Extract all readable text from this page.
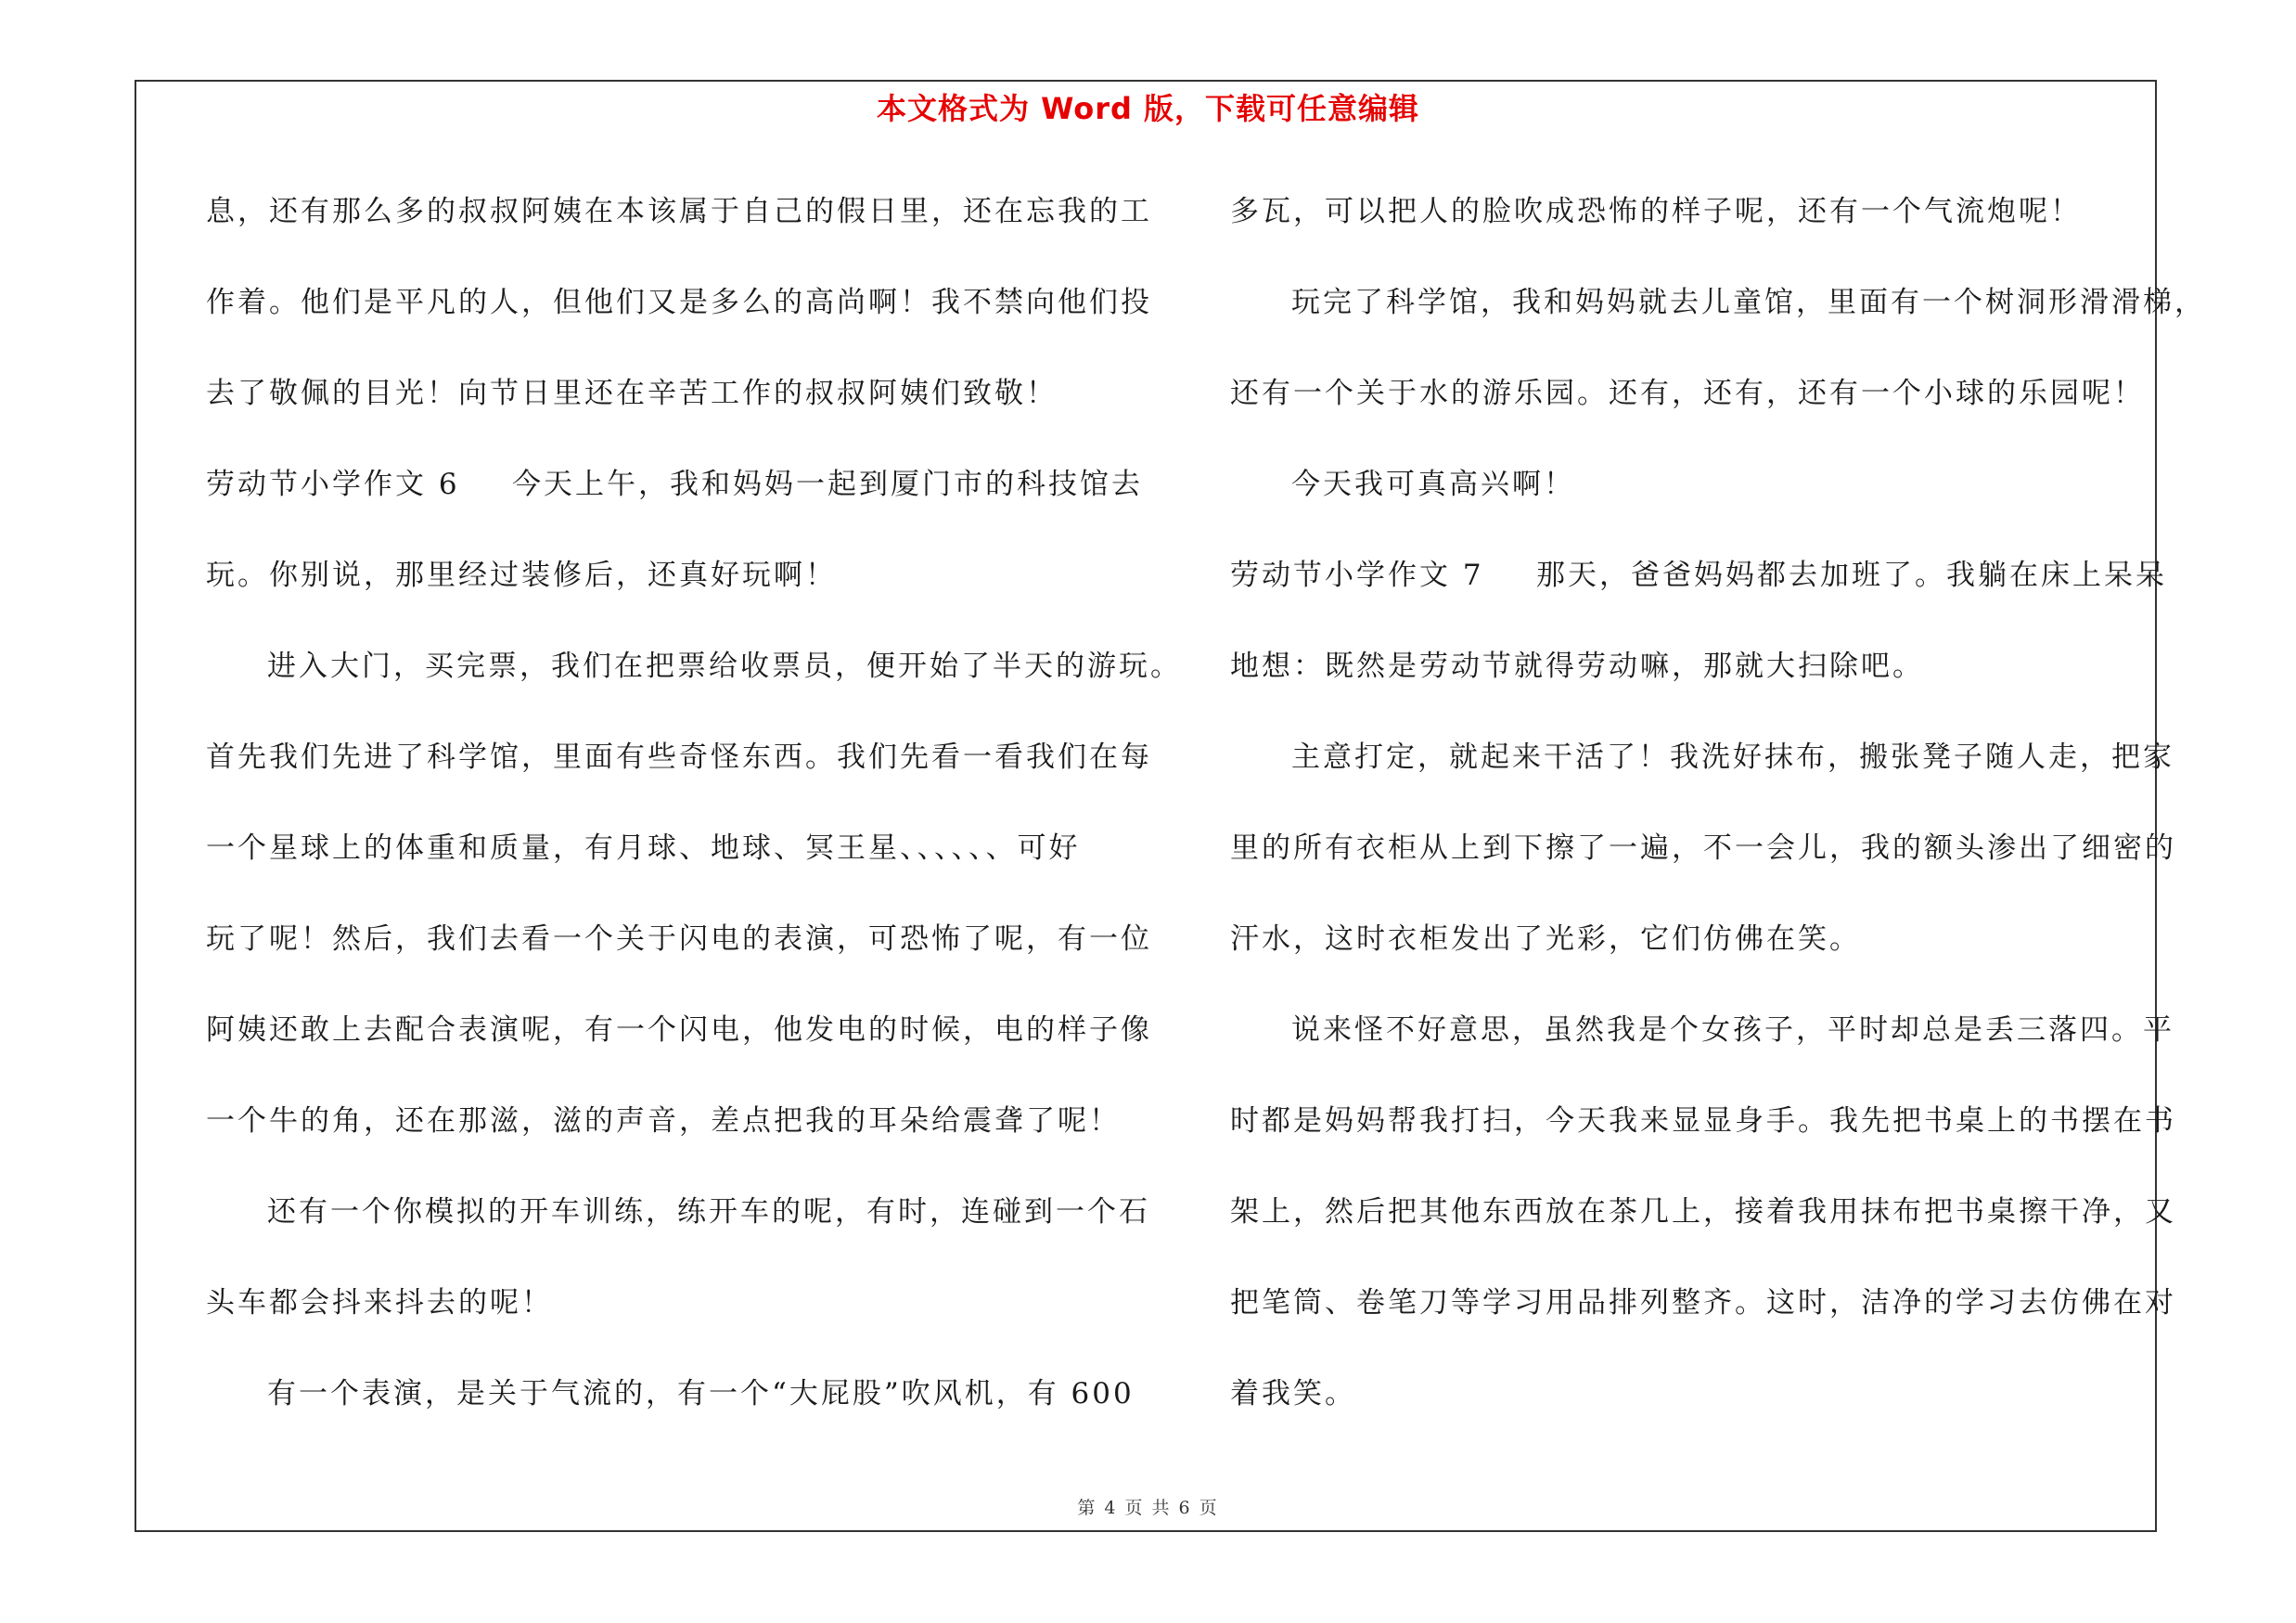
本文格式为 Word 版，下载可任意编辑
息，还有那么多的叔叔阿姨在本该属于自己的假日里，还在忘我的工
作着。他们是平凡的人，但他们又是多么的高尚啊！我不禁向他们投
去了敬佩的目光！向节日里还在辛苦工作的叔叔阿姨们致敬！
劳动节小学作文 6 今天上午，我和妈妈一起到厦门市的科技馆去
玩。你别说，那里经过装修后，还真好玩啊！
进入大门，买完票，我们在把票给收票员，便开始了半天的游玩。
首先我们先进了科学馆，里面有些奇怪东西。我们先看一看我们在每
一个星球上的体重和质量，有月球、地球、冥王星、、、、、、可好
玩了呢！然后，我们去看一个关于闪电的表演，可恐怖了呢，有一位
阿姨还敢上去配合表演呢，有一个闪电，他发电的时候，电的样子像
一个牛的角，还在那滋，滋的声音，差点把我的耳朵给震聋了呢！
还有一个你模拟的开车训练，练开车的呢，有时，连碰到一个石
头车都会抖来抖去的呢！
有一个表演，是关于气流的，有一个“大屁股”吹风机，有 600
多瓦，可以把人的脸吹成恐怖的样子呢，还有一个气流炮呢！
玩完了科学馆，我和妈妈就去儿童馆，里面有一个树洞形滑滑梯，
还有一个关于水的游乐园。还有，还有，还有一个小球的乐园呢！
今天我可真高兴啊！
劳动节小学作文 7 那天，爸爸妈妈都去加班了。我躺在床上呆呆
地想：既然是劳动节就得劳动嘛，那就大扫除吧。
主意打定，就起来干活了！我洗好抹布，搬张凳子随人走，把家
里的所有衣柜从上到下擦了一遍，不一会儿，我的额头渗出了细密的
汗水，这时衣柜发出了光彩，它们仿佛在笑。
说来怪不好意思，虽然我是个女孩子，平时却总是丢三落四。平
时都是妈妈帮我打扫，今天我来显显身手。我先把书桌上的书摆在书
架上，然后把其他东西放在茶几上，接着我用抹布把书桌擦干净，又
把笔筒、卷笔刀等学习用品排列整齐。这时，洁净的学习去仿佛在对
着我笑。
第 4 页 共 6 页
